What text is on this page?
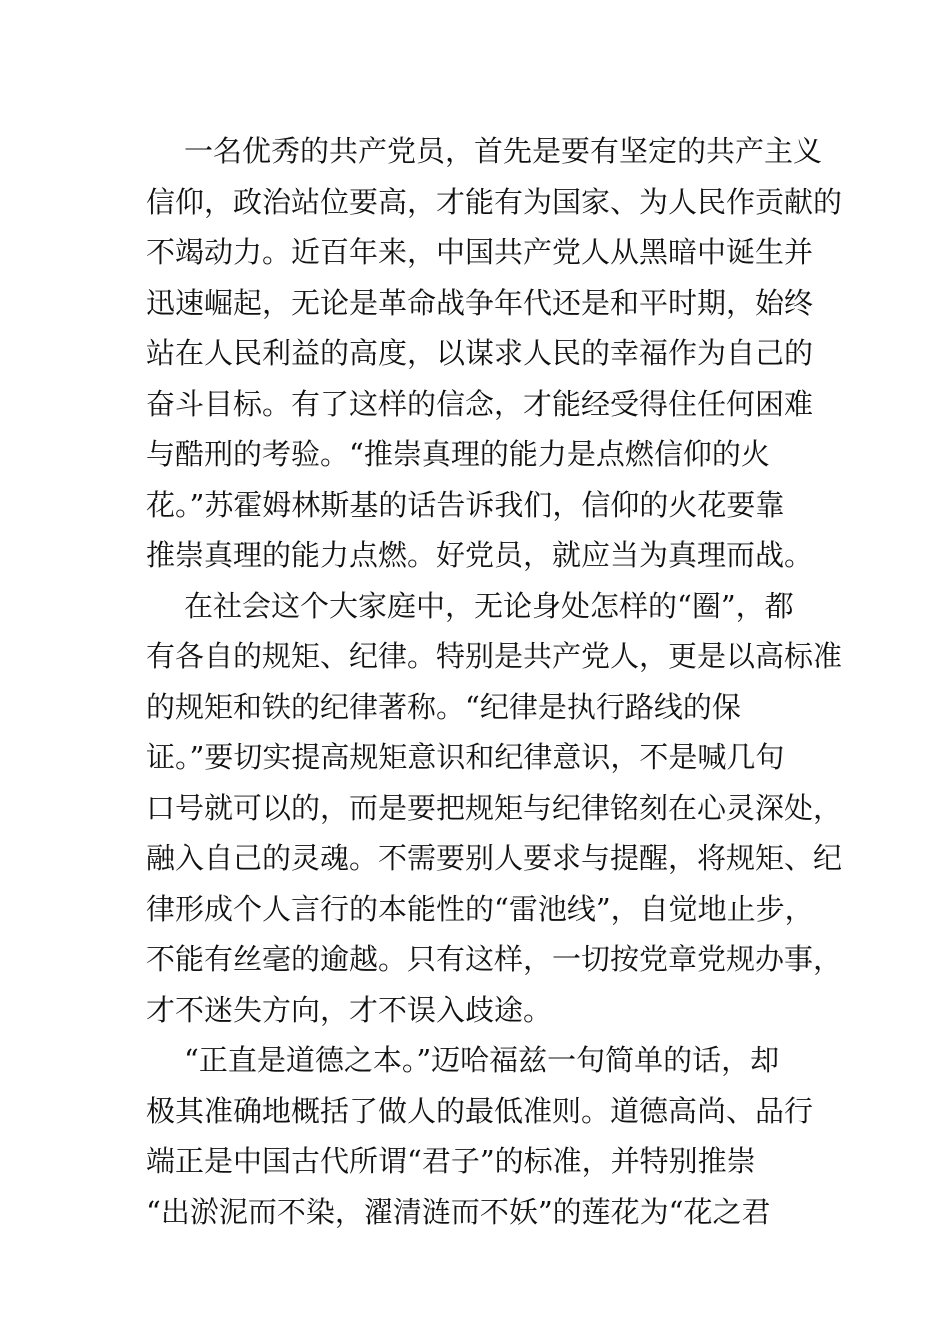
一名优秀的共产党员，首先是要有坚定的共产主义
信仰，政治站位要高，才能有为国家、为人民作贡献的
不竭动力。近百年来，中国共产党人从黑暗中诞生并
迅速崛起，无论是革命战争年代还是和平时期，始终
站在人民利益的高度，以谋求人民的幸福作为自己的
奋斗目标。有了这样的信念，才能经受得住任何困难
与酷刑的考验。“推崇真理的能力是点燃信仰的火
花。”苏霍姆林斯基的话告诉我们，信仰的火花要靠
推崇真理的能力点燃。好党员，就应当为真理而战。
在社会这个大家庭中，无论身处怎样的“圈”，都
有各自的规矩、纪律。特别是共产党人，更是以高标准
的规矩和铁的纪律著称。“纪律是执行路线的保
证。”要切实提高规矩意识和纪律意识，不是喊几句
口号就可以的，而是要把规矩与纪律铭刻在心灵深处，
融入自己的灵魂。不需要别人要求与提醒，将规矩、纪
律形成个人言行的本能性的“雷池线”，自觉地止步，
不能有丝毫的逾越。只有这样，一切按党章党规办事，
才不迷失方向，才不误入歧途。
“正直是道德之本。”迈哈福兹一句简单的话，却
极其准确地概括了做人的最低准则。道德高尚、品行
端正是中国古代所谓“君子”的标准，并特别推崇
“出淤泥而不染，濯清涟而不妖”的莲花为“花之君
